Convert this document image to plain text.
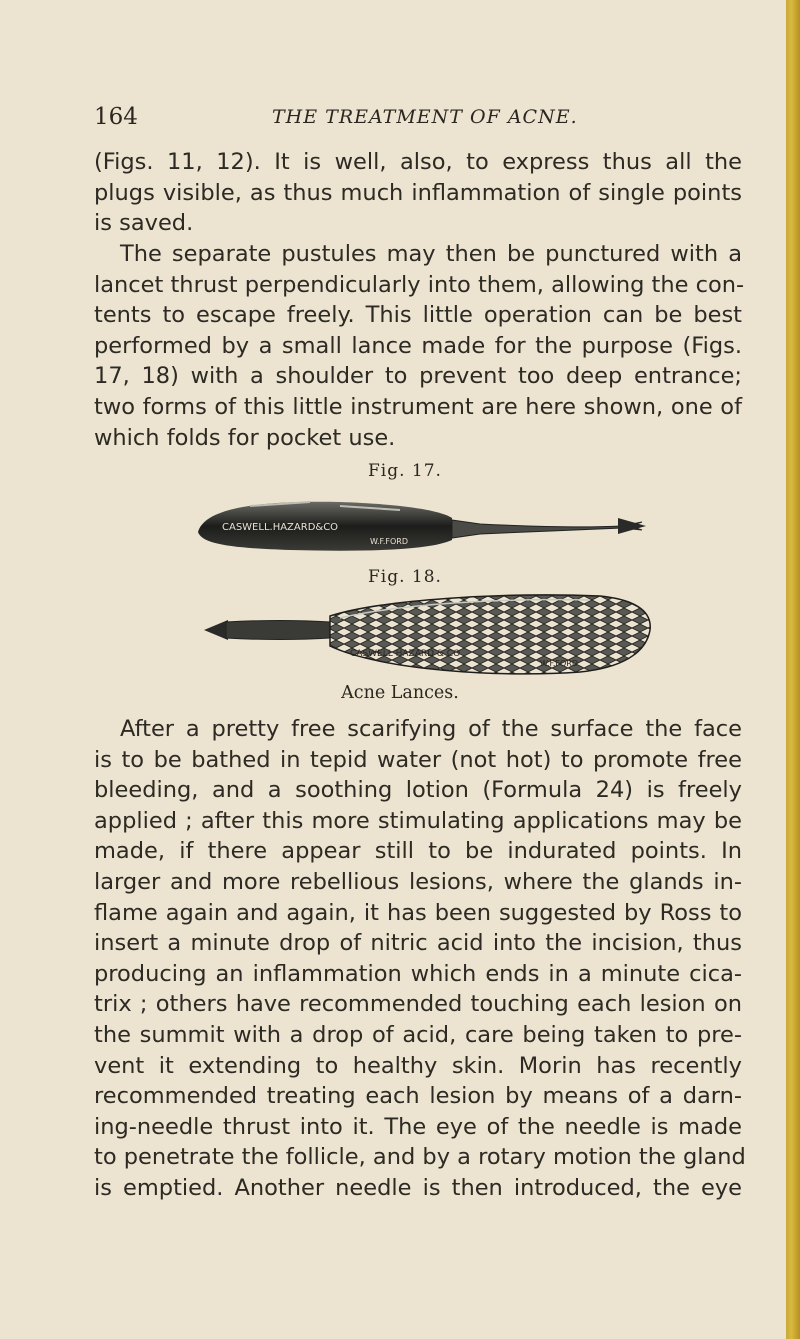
164	THE TREATMENT OF ACNE.

(Figs. 11, 12). It is well, also, to express thus all the
plugs visible, as thus much inflammation of single points
is saved.

The separate pustules may then be punctured with a
lancet thrust perpendicularly into them, allowing the con-
tents to escape freely. This little operation can be best
performed by a small lance made for the purpose (Figs.
17, 18) with a shoulder to prevent too deep entrance;
two forms of this little instrument are here shown, one of
which folds for pocket use.

Fig. 17.
CASWELL.HAZARD&CO
W.F.FORD
Fig. 18.
CASWELL HAZARD & CO
W.F.FORD
Acne Lances.

After a pretty free scarifying of the surface the face
is to be bathed in tepid water (not hot) to promote free
bleeding, and a soothing lotion (Formula 24) is freely
applied ; after this more stimulating applications may be
made, if there appear still to be indurated points. In
larger and more rebellious lesions, where the glands in-
flame again and again, it has been suggested by Ross to
insert a minute drop of nitric acid into the incision, thus
producing an inflammation which ends in a minute cica-
trix ; others have recommended touching each lesion on
the summit with a drop of acid, care being taken to pre-
vent it extending to healthy skin. Morin has recently
recommended treating each lesion by means of a darn-
ing-needle thrust into it. The eye of the needle is made
to penetrate the follicle, and by a rotary motion the gland
is emptied. Another needle is then introduced, the eye
